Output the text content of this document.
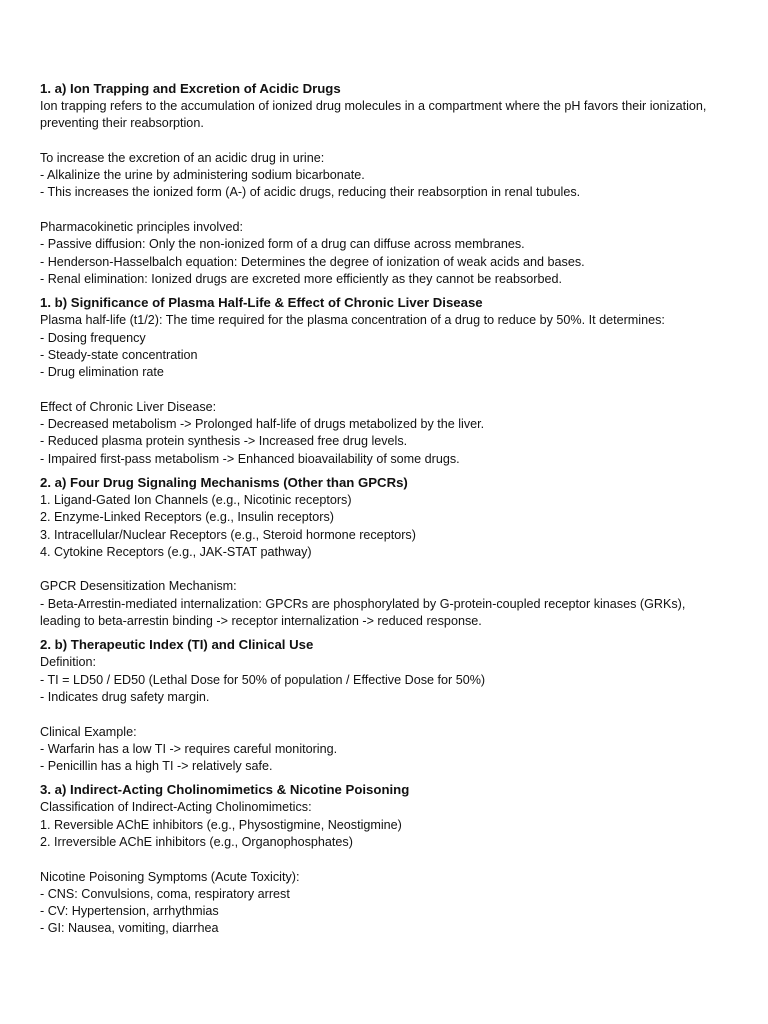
1. a) Ion Trapping and Excretion of Acidic Drugs
Ion trapping refers to the accumulation of ionized drug molecules in a compartment where the pH favors their ionization,
preventing their reabsorption.
To increase the excretion of an acidic drug in urine:
- Alkalinize the urine by administering sodium bicarbonate.
- This increases the ionized form (A-) of acidic drugs, reducing their reabsorption in renal tubules.
Pharmacokinetic principles involved:
- Passive diffusion: Only the non-ionized form of a drug can diffuse across membranes.
- Henderson-Hasselbalch equation: Determines the degree of ionization of weak acids and bases.
- Renal elimination: Ionized drugs are excreted more efficiently as they cannot be reabsorbed.
1. b) Significance of Plasma Half-Life & Effect of Chronic Liver Disease
Plasma half-life (t1/2): The time required for the plasma concentration of a drug to reduce by 50%. It determines:
- Dosing frequency
- Steady-state concentration
- Drug elimination rate
Effect of Chronic Liver Disease:
- Decreased metabolism -> Prolonged half-life of drugs metabolized by the liver.
- Reduced plasma protein synthesis -> Increased free drug levels.
- Impaired first-pass metabolism -> Enhanced bioavailability of some drugs.
2. a) Four Drug Signaling Mechanisms (Other than GPCRs)
1. Ligand-Gated Ion Channels (e.g., Nicotinic receptors)
2. Enzyme-Linked Receptors (e.g., Insulin receptors)
3. Intracellular/Nuclear Receptors (e.g., Steroid hormone receptors)
4. Cytokine Receptors (e.g., JAK-STAT pathway)
GPCR Desensitization Mechanism:
- Beta-Arrestin-mediated internalization: GPCRs are phosphorylated by G-protein-coupled receptor kinases (GRKs),
leading to beta-arrestin binding -> receptor internalization -> reduced response.
2. b) Therapeutic Index (TI) and Clinical Use
Definition:
- TI = LD50 / ED50 (Lethal Dose for 50% of population / Effective Dose for 50%)
- Indicates drug safety margin.
Clinical Example:
- Warfarin has a low TI -> requires careful monitoring.
- Penicillin has a high TI -> relatively safe.
3. a) Indirect-Acting Cholinomimetics & Nicotine Poisoning
Classification of Indirect-Acting Cholinomimetics:
1. Reversible AChE inhibitors (e.g., Physostigmine, Neostigmine)
2. Irreversible AChE inhibitors (e.g., Organophosphates)
Nicotine Poisoning Symptoms (Acute Toxicity):
- CNS: Convulsions, coma, respiratory arrest
- CV: Hypertension, arrhythmias
- GI: Nausea, vomiting, diarrhea
